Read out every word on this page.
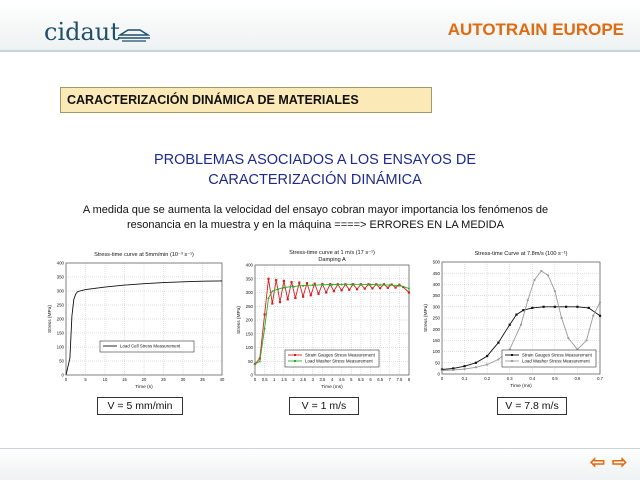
cidaut	AUTOTRAIN EUROPE
CARACTERIZACIÓN DINÁMICA DE MATERIALES
PROBLEMAS ASOCIADOS A LOS ENSAYOS DE CARACTERIZACIÓN DINÁMICA
A medida que se aumenta la velocidad del ensayo cobran mayor importancia los fenómenos de resonancia en la muestra y en la máquina ====> ERRORES EN LA MEDIDA
Stress-time curve at 5mm/min (10⁻³ s⁻¹)
0
50
100
150
200
250
300
350
400
0	5	10	15	20	25	30	35	40
Time (s)
Stress (MPa)
Load Cell Stress Measurement
Stress-time curve at 1 m/s (17 s⁻¹)
Damping A
0
50
100
150
200
250
300
350
400
0 0.5 1 1.5 2 2.5 3 3.5 4 4.5 5 5.5 6 6.5 7 7.5 8
Time (ms)
Stress (MPa)
Strain Gauges Stress Measurement
Load Washer Stress Measurement
Stress-time Curve at 7.8m/s (100 s⁻¹)
0
50
100
150
200
250
300
350
400
450
500
0	0.1	0.2	0.3	0.4	0.5	0.6	0.7
Time (ms)
Stress (MPa)
Strain Gauges Stress Measurement
Load Washer Stress Measurement
V = 5 mm/min	V = 1 m/s	V = 7.8 m/s
⇦ ⇨
